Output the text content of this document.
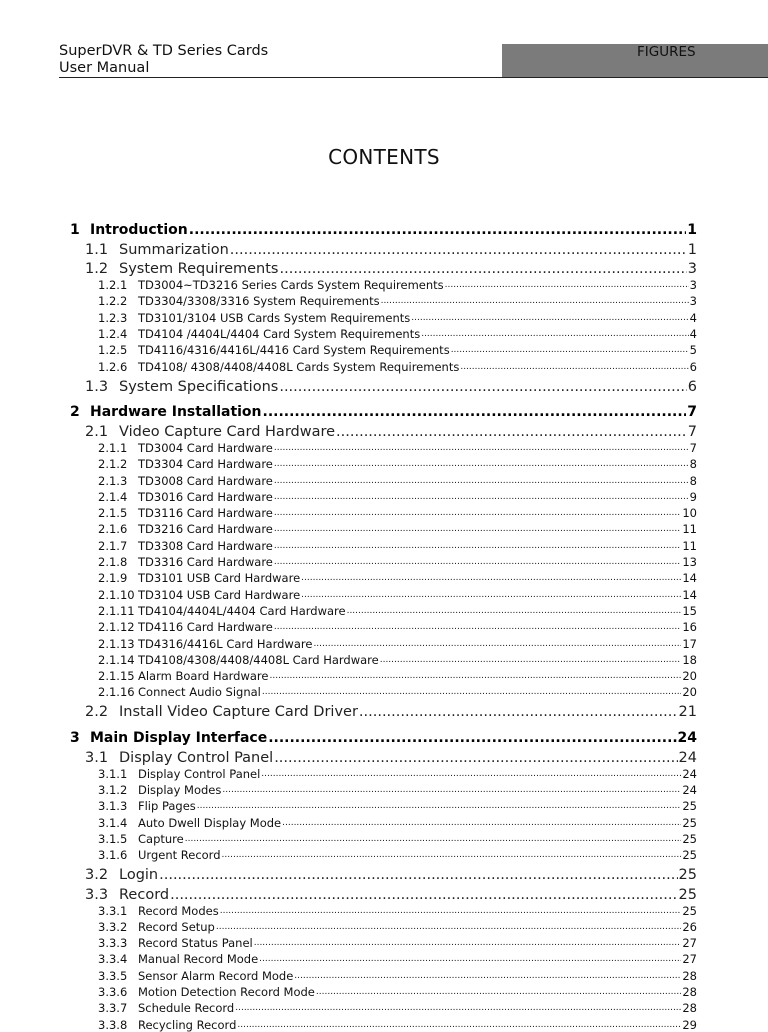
SuperDVR & TD Series Cards
User Manual
FIGURES
CONTENTS
1 Introduction .....	1
1.1 Summarization .....	1
1.2 System Requirements .....	3
1.2.1 TD3004~TD3216 Series Cards System Requirements .....	3
1.2.2 TD3304/3308/3316 System Requirements .....	3
1.2.3 TD3101/3104 USB Cards System Requirements .....	4
1.2.4 TD4104 /4404L/4404 Card System Requirements .....	4
1.2.5 TD4116/4316/4416L/4416 Card System Requirements .....	5
1.2.6 TD4108/ 4308/4408/4408L Cards System Requirements .....	6
1.3 System Specifications .....	6
2 Hardware Installation .....	7
2.1 Video Capture Card Hardware .....	7
2.1.1 TD3004 Card Hardware .....	7
2.1.2 TD3304 Card Hardware .....	8
2.1.3 TD3008 Card Hardware .....	8
2.1.4 TD3016 Card Hardware .....	9
2.1.5 TD3116 Card Hardware .....	10
2.1.6 TD3216 Card Hardware .....	11
2.1.7 TD3308 Card Hardware .....	11
2.1.8 TD3316 Card Hardware .....	13
2.1.9 TD3101 USB Card Hardware .....	14
2.1.10 TD3104 USB Card Hardware .....	14
2.1.11 TD4104/4404L/4404 Card Hardware .....	15
2.1.12 TD4116 Card Hardware .....	16
2.1.13 TD4316/4416L Card Hardware .....	17
2.1.14 TD4108/4308/4408/4408L Card Hardware .....	18
2.1.15 Alarm Board Hardware .....	20
2.1.16 Connect Audio Signal .....	20
2.2 Install Video Capture Card Driver .....	21
3 Main Display Interface .....	24
3.1 Display Control Panel .....	24
3.1.1 Display Control Panel .....	24
3.1.2 Display Modes .....	24
3.1.3 Flip Pages .....	25
3.1.4 Auto Dwell Display Mode .....	25
3.1.5 Capture .....	25
3.1.6 Urgent Record .....	25
3.2 Login .....	25
3.3 Record .....	25
3.3.1 Record Modes .....	25
3.3.2 Record Setup .....	26
3.3.3 Record Status Panel .....	27
3.3.4 Manual Record Mode .....	27
3.3.5 Sensor Alarm Record Mode .....	28
3.3.6 Motion Detection Record Mode .....	28
3.3.7 Schedule Record .....	28
3.3.8 Recycling Record .....	29
